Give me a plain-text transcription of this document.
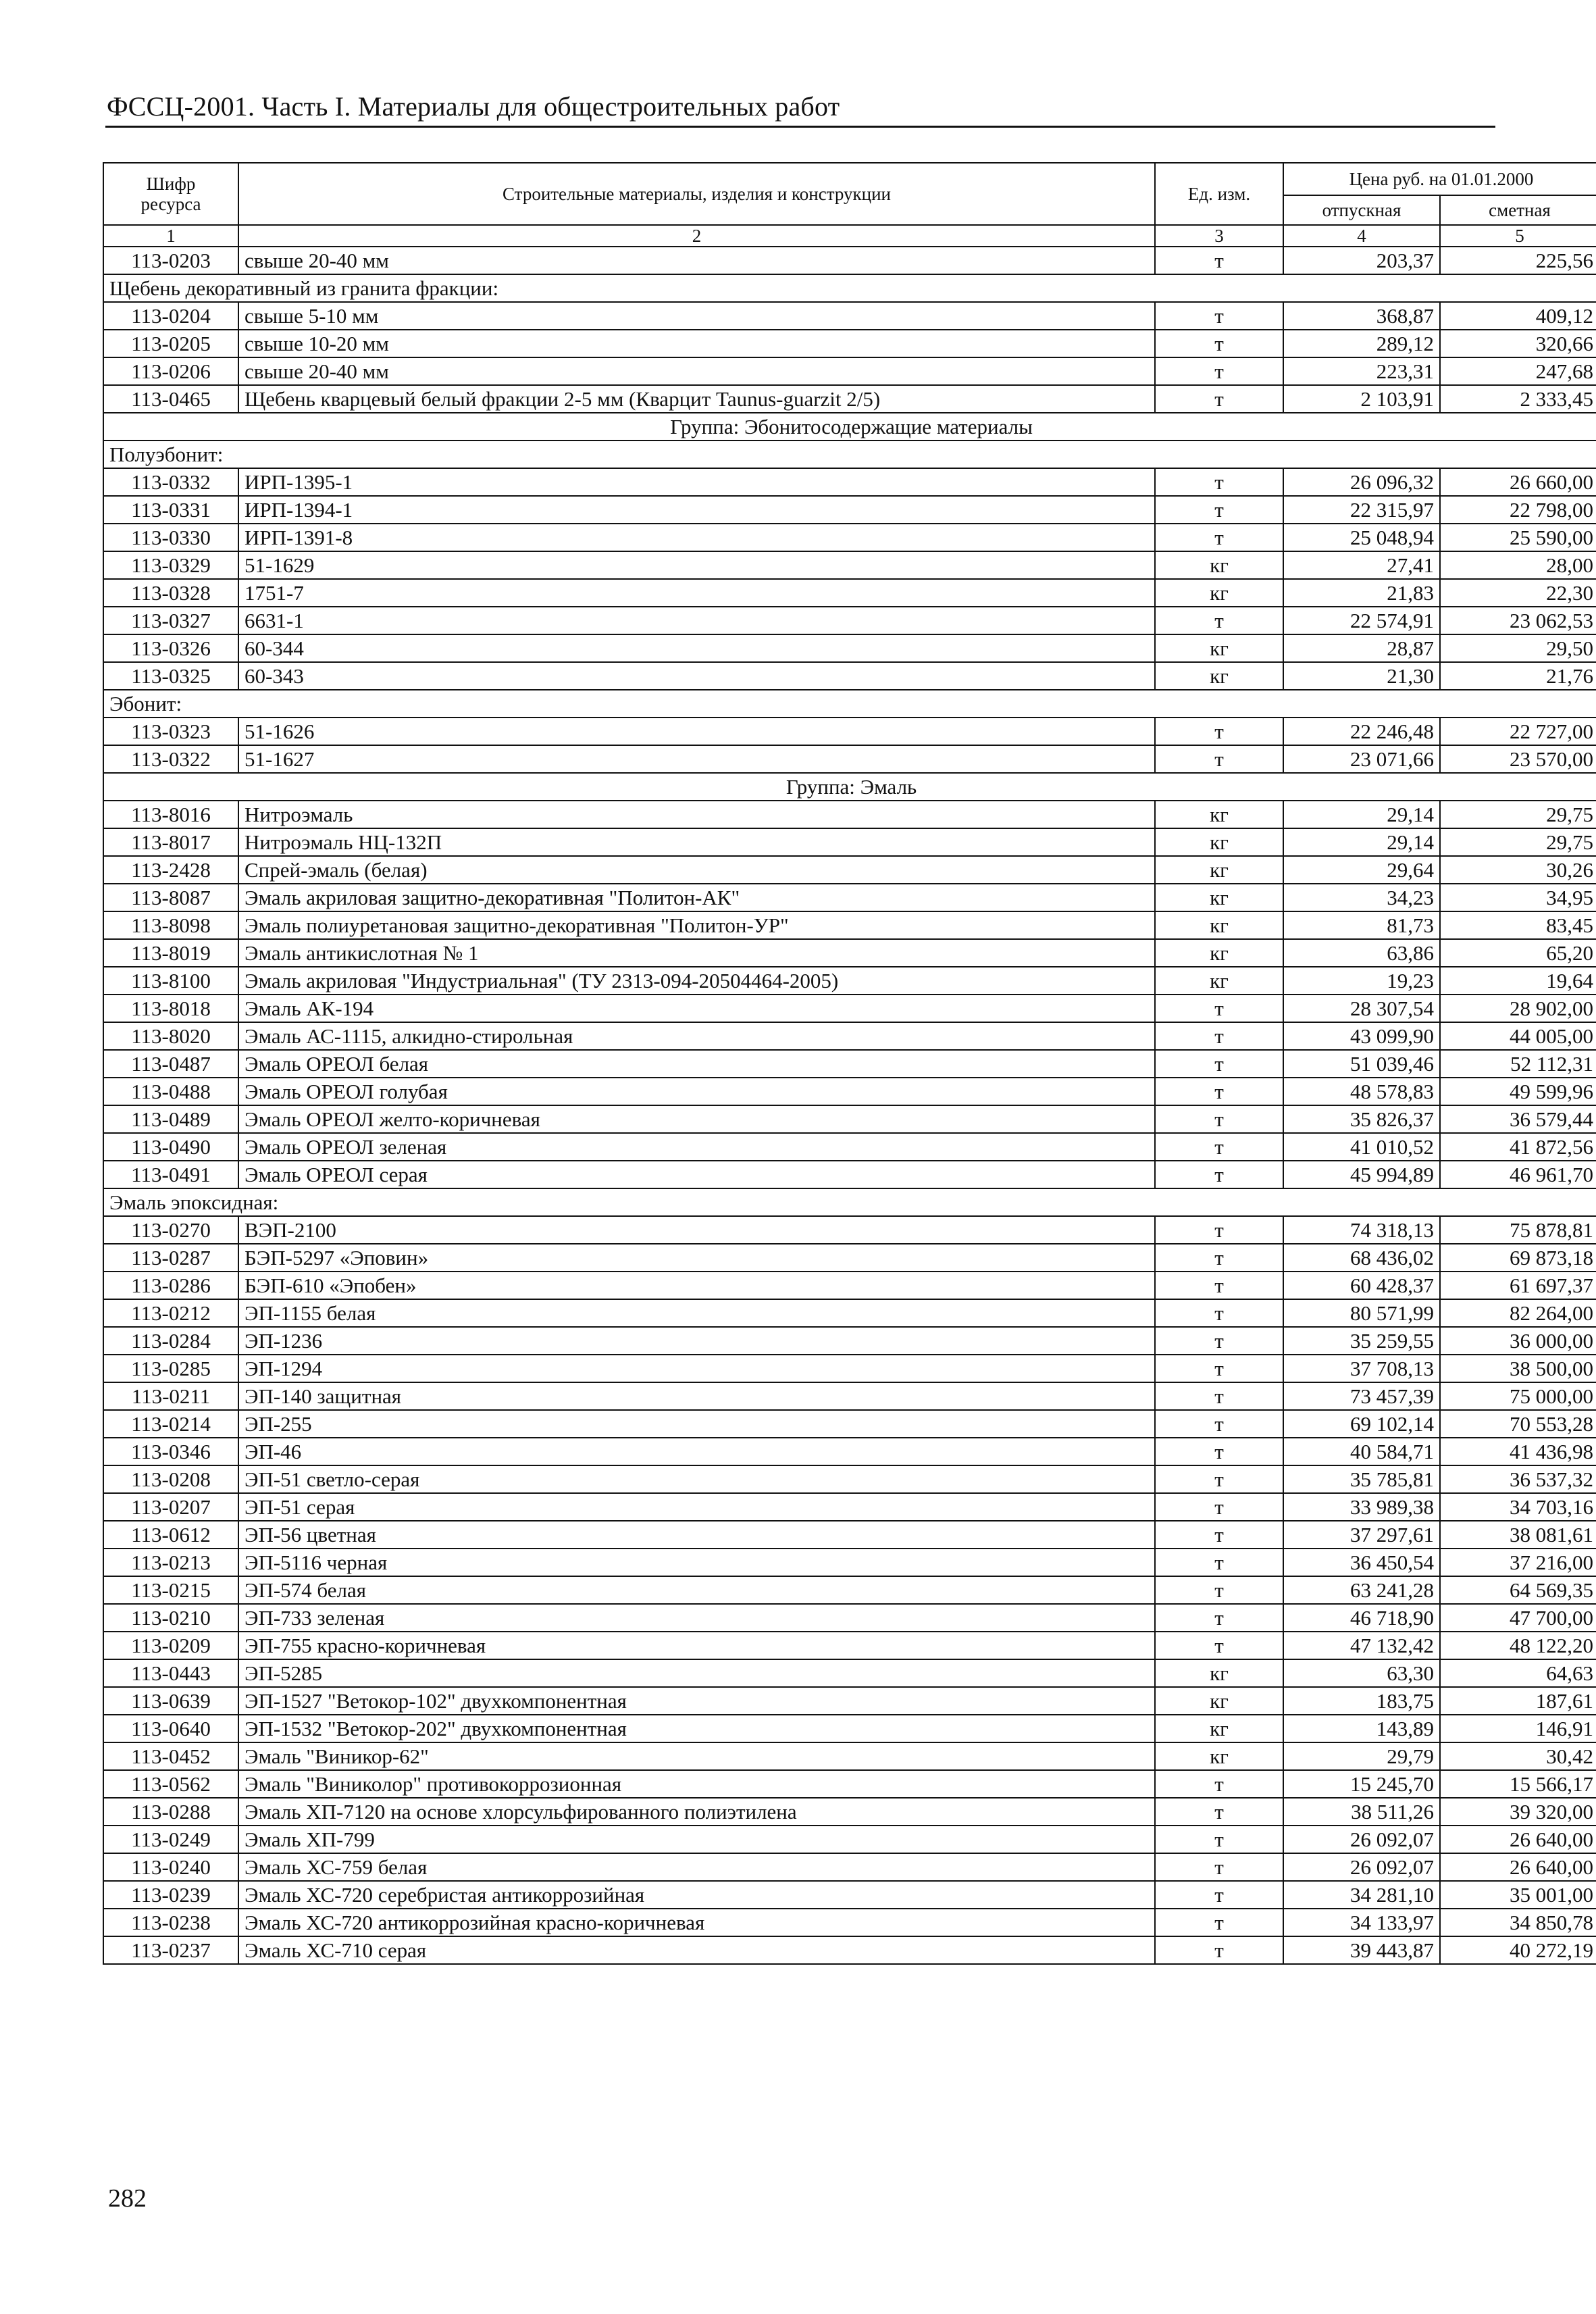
ФССЦ-2001. Часть I. Материалы для общестроительных работ
Шифр ресурса	Строительные материалы, изделия и конструкции	Ед. изм.	Цена руб. на 01.01.2000	
			отпускная	сметная
1	2	3	4	5
113-0203	свыше 20-40 мм	т	203,37	225,56
Щебень декоративный из гранита фракции:				
113-0204	свыше 5-10 мм	т	368,87	409,12
113-0205	свыше 10-20 мм	т	289,12	320,66
113-0206	свыше 20-40 мм	т	223,31	247,68
113-0465	Щебень кварцевый белый фракции 2-5 мм (Кварцит Taunus-guarzit 2/5)	т	2 103,91	2 333,45
Группа: Эбонитосодержащие материалы				
Полуэбонит:				
113-0332	ИРП-1395-1	т	26 096,32	26 660,00
113-0331	ИРП-1394-1	т	22 315,97	22 798,00
113-0330	ИРП-1391-8	т	25 048,94	25 590,00
113-0329	51-1629	кг	27,41	28,00
113-0328	1751-7	кг	21,83	22,30
113-0327	6631-1	т	22 574,91	23 062,53
113-0326	60-344	кг	28,87	29,50
113-0325	60-343	кг	21,30	21,76
Эбонит:				
113-0323	51-1626	т	22 246,48	22 727,00
113-0322	51-1627	т	23 071,66	23 570,00
Группа: Эмаль				
113-8016	Нитроэмаль	кг	29,14	29,75
113-8017	Нитроэмаль НЦ-132П	кг	29,14	29,75
113-2428	Спрей-эмаль (белая)	кг	29,64	30,26
113-8087	Эмаль акриловая защитно-декоративная "Политон-АК"	кг	34,23	34,95
113-8098	Эмаль полиуретановая защитно-декоративная "Политон-УР"	кг	81,73	83,45
113-8019	Эмаль антикислотная № 1	кг	63,86	65,20
113-8100	Эмаль акриловая "Индустриальная" (ТУ 2313-094-20504464-2005)	кг	19,23	19,64
113-8018	Эмаль АК-194	т	28 307,54	28 902,00
113-8020	Эмаль АС-1115, алкидно-стирольная	т	43 099,90	44 005,00
113-0487	Эмаль ОРЕОЛ белая	т	51 039,46	52 112,31
113-0488	Эмаль ОРЕОЛ голубая	т	48 578,83	49 599,96
113-0489	Эмаль ОРЕОЛ желто-коричневая	т	35 826,37	36 579,44
113-0490	Эмаль ОРЕОЛ зеленая	т	41 010,52	41 872,56
113-0491	Эмаль ОРЕОЛ серая	т	45 994,89	46 961,70
Эмаль эпоксидная:				
113-0270	ВЭП-2100	т	74 318,13	75 878,81
113-0287	БЭП-5297 «Эповин»	т	68 436,02	69 873,18
113-0286	БЭП-610 «Эпобен»	т	60 428,37	61 697,37
113-0212	ЭП-1155 белая	т	80 571,99	82 264,00
113-0284	ЭП-1236	т	35 259,55	36 000,00
113-0285	ЭП-1294	т	37 708,13	38 500,00
113-0211	ЭП-140 защитная	т	73 457,39	75 000,00
113-0214	ЭП-255	т	69 102,14	70 553,28
113-0346	ЭП-46	т	40 584,71	41 436,98
113-0208	ЭП-51 светло-серая	т	35 785,81	36 537,32
113-0207	ЭП-51 серая	т	33 989,38	34 703,16
113-0612	ЭП-56 цветная	т	37 297,61	38 081,61
113-0213	ЭП-5116 черная	т	36 450,54	37 216,00
113-0215	ЭП-574 белая	т	63 241,28	64 569,35
113-0210	ЭП-733 зеленая	т	46 718,90	47 700,00
113-0209	ЭП-755 красно-коричневая	т	47 132,42	48 122,20
113-0443	ЭП-5285	кг	63,30	64,63
113-0639	ЭП-1527 "Ветокор-102" двухкомпонентная	кг	183,75	187,61
113-0640	ЭП-1532 "Ветокор-202" двухкомпонентная	кг	143,89	146,91
113-0452	Эмаль "Виникор-62"	кг	29,79	30,42
113-0562	Эмаль "Виниколор" противокоррозионная	т	15 245,70	15 566,17
113-0288	Эмаль ХП-7120 на основе хлорсульфированного полиэтилена	т	38 511,26	39 320,00
113-0249	Эмаль ХП-799	т	26 092,07	26 640,00
113-0240	Эмаль ХС-759 белая	т	26 092,07	26 640,00
113-0239	Эмаль ХС-720 серебристая антикоррозийная	т	34 281,10	35 001,00
113-0238	Эмаль ХС-720 антикоррозийная красно-коричневая	т	34 133,97	34 850,78
113-0237	Эмаль ХС-710 серая	т	39 443,87	40 272,19
282
